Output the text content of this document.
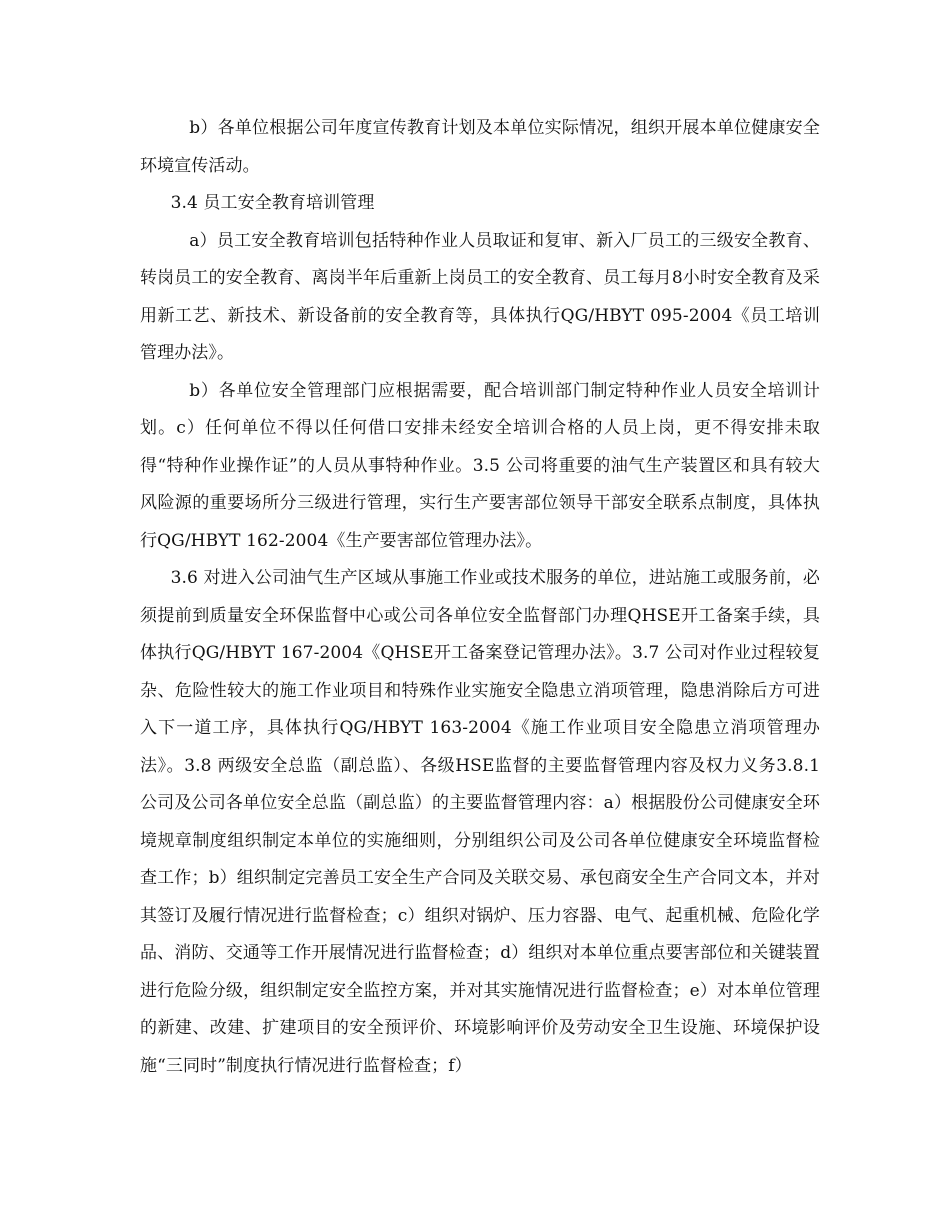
b）各单位根据公司年度宣传教育计划及本单位实际情况，组织开展本单位健康安全环境宣传活动。

3.4 员工安全教育培训管理

a）员工安全教育培训包括特种作业人员取证和复审、新入厂员工的三级安全教育、转岗员工的安全教育、离岗半年后重新上岗员工的安全教育、员工每月8小时安全教育及采用新工艺、新技术、新设备前的安全教育等，具体执行QG/HBYT 095-2004《员工培训管理办法》。

b）各单位安全管理部门应根据需要，配合培训部门制定特种作业人员安全培训计划。c）任何单位不得以任何借口安排未经安全培训合格的人员上岗，更不得安排未取得“特种作业操作证”的人员从事特种作业。3.5 公司将重要的油气生产装置区和具有较大风险源的重要场所分三级进行管理，实行生产要害部位领导干部安全联系点制度，具体执行QG/HBYT 162-2004《生产要害部位管理办法》。

3.6 对进入公司油气生产区域从事施工作业或技术服务的单位，进站施工或服务前，必须提前到质量安全环保监督中心或公司各单位安全监督部门办理QHSE开工备案手续，具体执行QG/HBYT 167-2004《QHSE开工备案登记管理办法》。3.7 公司对作业过程较复杂、危险性较大的施工作业项目和特殊作业实施安全隐患立消项管理，隐患消除后方可进入下一道工序，具体执行QG/HBYT 163-2004《施工作业项目安全隐患立消项管理办法》。3.8 两级安全总监（副总监）、各级HSE监督的主要监督管理内容及权力义务3.8.1 公司及公司各单位安全总监（副总监）的主要监督管理内容：a）根据股份公司健康安全环境规章制度组织制定本单位的实施细则，分别组织公司及公司各单位健康安全环境监督检查工作；b）组织制定完善员工安全生产合同及关联交易、承包商安全生产合同文本，并对其签订及履行情况进行监督检查；c）组织对锅炉、压力容器、电气、起重机械、危险化学品、消防、交通等工作开展情况进行监督检查；d）组织对本单位重点要害部位和关键装置进行危险分级，组织制定安全监控方案，并对其实施情况进行监督检查；e）对本单位管理的新建、改建、扩建项目的安全预评价、环境影响评价及劳动安全卫生设施、环境保护设施“三同时”制度执行情况进行监督检查；f）
